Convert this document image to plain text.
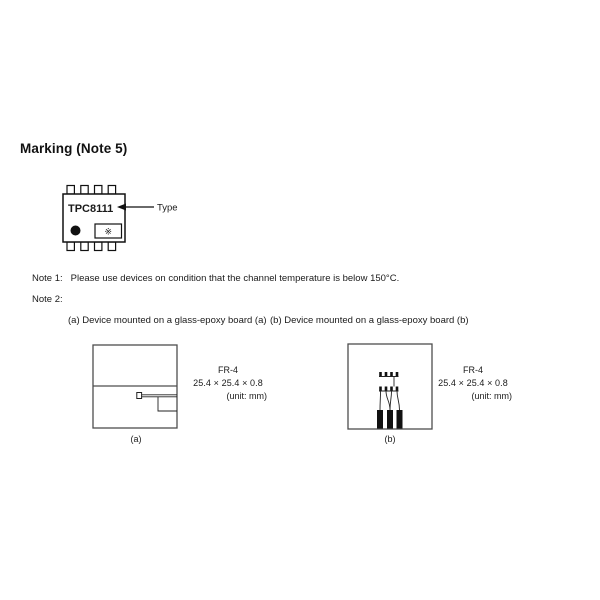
Marking (Note 5)
TPC8111
※
Type
Note 1: Please use devices on condition that the channel temperature is below 150°C.
Note 2:
(a) Device mounted on a glass-epoxy board (a) (b) Device mounted on a glass-epoxy board (b)
FR-4
25.4 × 25.4 × 0.8
(unit: mm)
(a)
FR-4
25.4 × 25.4 × 0.8
(unit: mm)
(b)
